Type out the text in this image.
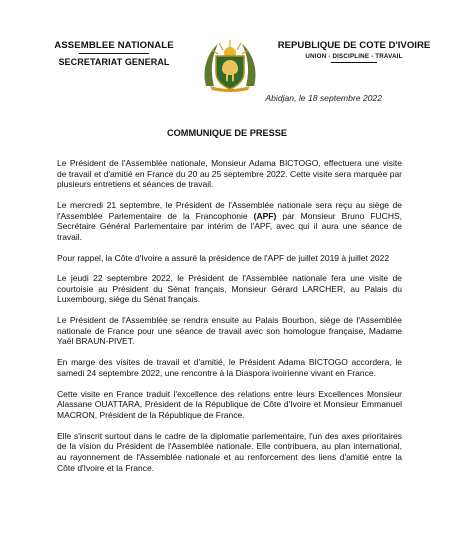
ASSEMBLEE NATIONALE
SECRETARIAT GENERAL
REPUBLIQUE DE COTE D'IVOIRE
UNION - DISCIPLINE - TRAVAIL
Abidjan, le 18 septembre 2022
COMMUNIQUE DE PRESSE

Le Président de l'Assemblée nationale, Monsieur Adama BICTOGO, effectuera une visite de travail et d'amitié en France du 20 au 25 septembre 2022. Cette visite sera marquée par plusieurs entretiens et séances de travail.

Le mercredi 21 septembre, le Président de l'Assemblée nationale sera reçu au siège de l'Assemblée Parlementaire de la Francophonie (APF) par Monsieur Bruno FUCHS, Secrétaire Général Parlementaire par intérim de l'APF, avec qui il aura une séance de travail.

Pour rappel, la Côte d'Ivoire a assuré la présidence de l'APF de juillet 2019 à juillet 2022

Le jeudi 22 septembre 2022, le Président de l'Assemblée nationale fera une visite de courtoisie au Président du Sénat français, Monsieur Gérard LARCHER, au Palais du Luxembourg, siège du Sénat français.

Le Président de l'Assemblée se rendra ensuite au Palais Bourbon, siège de l'Assemblée nationale de France pour une séance de travail avec son homologue française, Madame Yaël BRAUN-PIVET.

En marge des visites de travail et d'amitié, le Président Adama BICTOGO accordera, le samedi 24 septembre 2022, une rencontre à la Diaspora ivoirienne vivant en France.

Cette visite en France traduit l'excellence des relations entre leurs Excellences Monsieur Alassane OUATTARA, Président de la République de Côte d'Ivoire et Monsieur Emmanuel MACRON, Président de la République de France.

Elle s'inscrit surtout dans le cadre de la diplomatie parlementaire, l'un des axes prioritaires de la vision du Président de l'Assemblée nationale. Elle contribuera, au plan international, au rayonnement de l'Assemblée nationale et au renforcement des liens d'amitié entre la Côte d'Ivoire et la France.
